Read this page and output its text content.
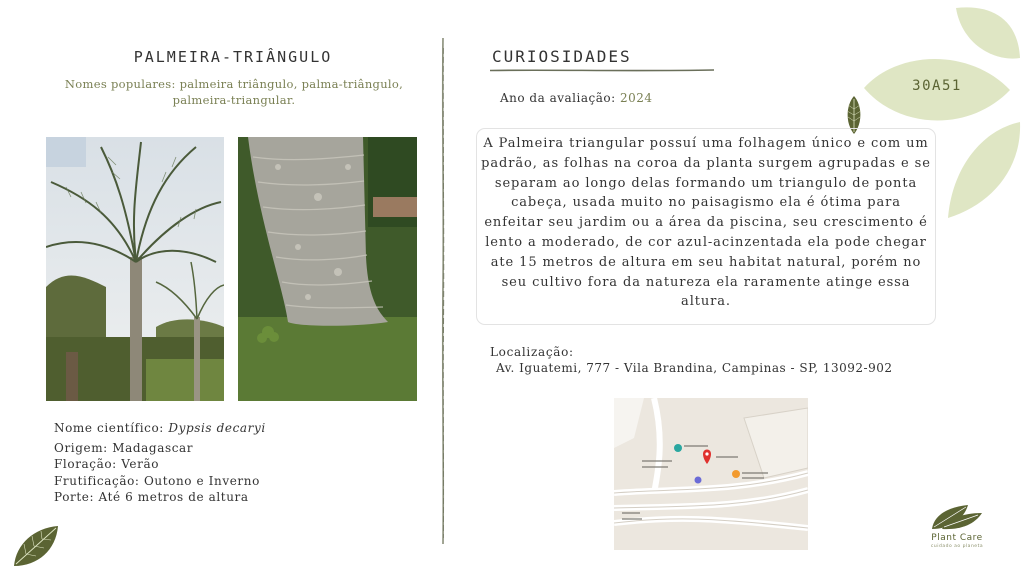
PALMEIRA-TRIÂNGULO
Nomes populares: palmeira triângulo, palma-triângulo, palmeira-triangular.
Nome científico: Dypsis decaryi
Origem: Madagascar
Floração: Verão
Frutificação: Outono e Inverno
Porte: Até 6 metros de altura
CURIOSIDADES
Ano da avaliação: 2024
A Palmeira triangular possuí uma folhagem único e com um padrão, as folhas na coroa da planta surgem agrupadas e se separam ao longo delas formando um triangulo de ponta cabeça, usada muito no paisagismo ela é ótima para enfeitar seu jardim ou a área da piscina, seu crescimento é lento a moderado, de cor azul-acinzentada ela pode chegar ate 15 metros de altura em seu habitat natural, porém no seu cultivo fora da natureza ela raramente atinge essa altura.
Localização:
Av. Iguatemi, 777 - Vila Brandina, Campinas - SP, 13092-902
30A51
Plant Care
cuidado ao planeta
